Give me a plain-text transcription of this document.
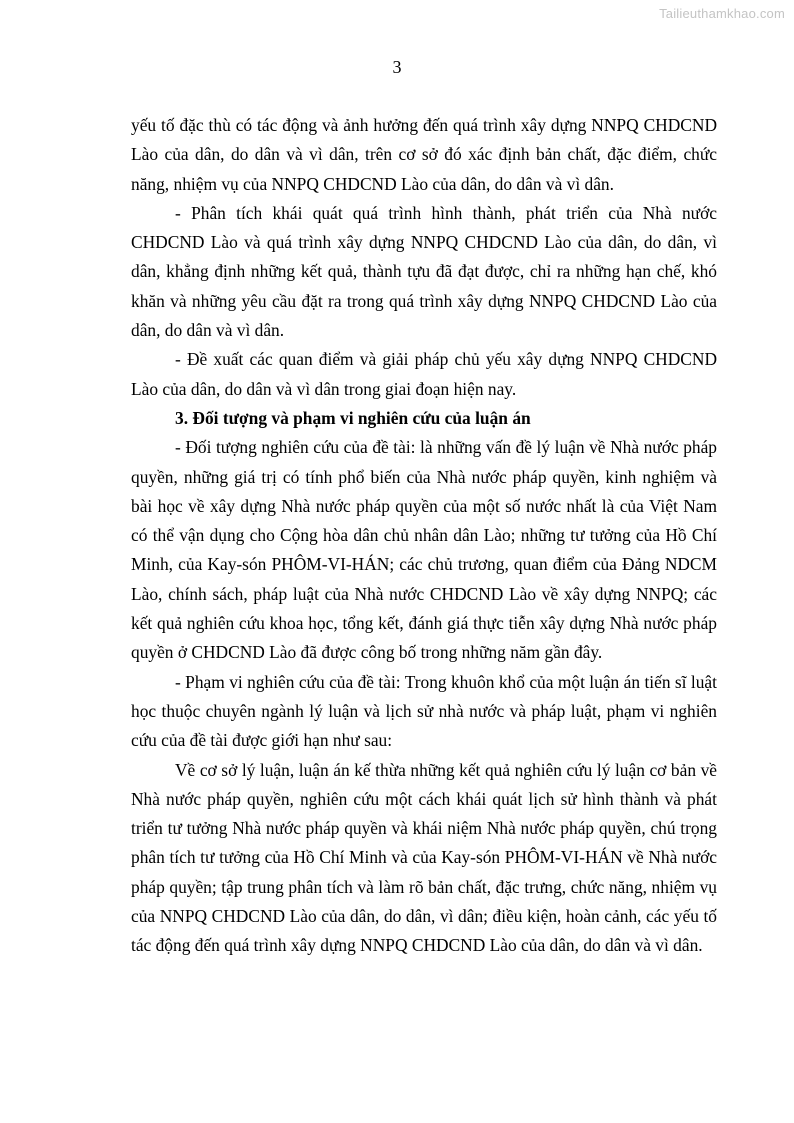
Tailieuthamkhao.com
3

yếu tố đặc thù có tác động và ảnh hưởng đến quá trình xây dựng NNPQ CHDCND Lào của dân, do dân và vì dân, trên cơ sở đó xác định bản chất, đặc điểm, chức năng, nhiệm vụ của NNPQ CHDCND Lào của dân, do dân và vì dân.

- Phân tích khái quát quá trình hình thành, phát triển của Nhà nước CHDCND Lào và quá trình xây dựng NNPQ CHDCND Lào của dân, do dân, vì dân, khẳng định những kết quả, thành tựu đã đạt được, chỉ ra những hạn chế, khó khăn và những yêu cầu đặt ra trong quá trình xây dựng NNPQ CHDCND Lào của dân, do dân và vì dân.

- Đề xuất các quan điểm và giải pháp chủ yếu xây dựng NNPQ CHDCND Lào của dân, do dân và vì dân trong giai đoạn hiện nay.

3. Đối tượng và phạm vi nghiên cứu của luận án

- Đối tượng nghiên cứu của đề tài: là những vấn đề lý luận về Nhà nước pháp quyền, những giá trị có tính phổ biến của Nhà nước pháp quyền, kinh nghiệm và bài học về xây dựng Nhà nước pháp quyền của một số nước nhất là của Việt Nam có thể vận dụng cho Cộng hòa dân chủ nhân dân Lào; những tư tưởng của Hồ Chí Minh, của Kay-són PHÔM-VI-HÁN; các chủ trương, quan điểm của Đảng NDCM Lào, chính sách, pháp luật của Nhà nước CHDCND Lào về xây dựng NNPQ; các kết quả nghiên cứu khoa học, tổng kết, đánh giá thực tiễn xây dựng Nhà nước pháp quyền ở CHDCND Lào đã được công bố trong những năm gần đây.

- Phạm vi nghiên cứu của đề tài: Trong khuôn khổ của một luận án tiến sĩ luật học thuộc chuyên ngành lý luận và lịch sử nhà nước và pháp luật, phạm vi nghiên cứu của đề tài được giới hạn như sau:

Về cơ sở lý luận, luận án kế thừa những kết quả nghiên cứu lý luận cơ bản về Nhà nước pháp quyền, nghiên cứu một cách khái quát lịch sử hình thành và phát triển tư tưởng Nhà nước pháp quyền và khái niệm Nhà nước pháp quyền, chú trọng phân tích tư tưởng của Hồ Chí Minh và của Kay-són PHÔM-VI-HÁN về Nhà nước pháp quyền; tập trung phân tích và làm rõ bản chất, đặc trưng, chức năng, nhiệm vụ của NNPQ CHDCND Lào của dân, do dân, vì dân; điều kiện, hoàn cảnh, các yếu tố tác động đến quá trình xây dựng NNPQ CHDCND Lào của dân, do dân và vì dân.
